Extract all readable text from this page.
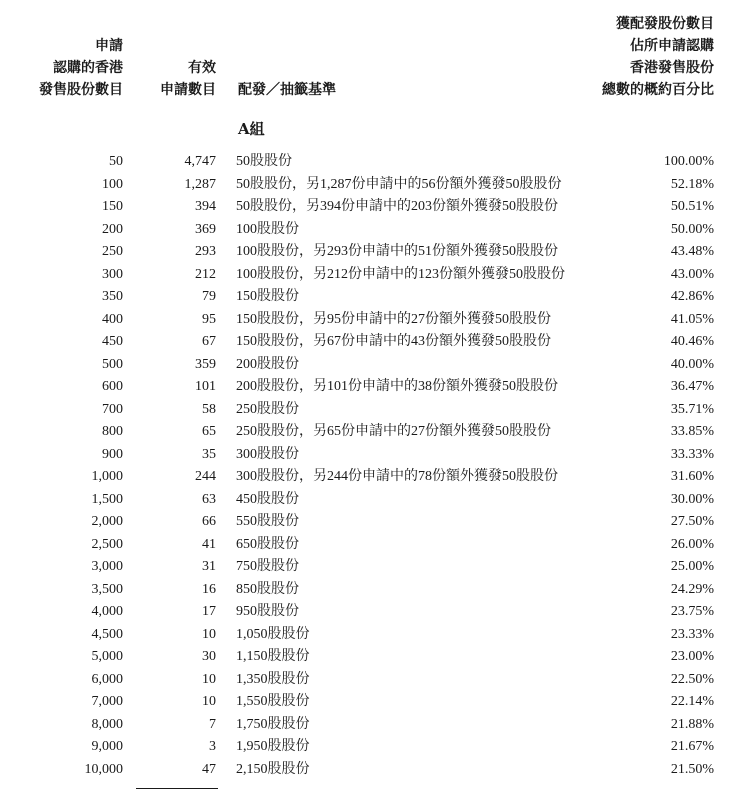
申請
認購的香港
發售股份數目
有效
申請數目 配發／抽籤基準
獲配發股份數目
佔所申請認購
香港發售股份
總數的概約百分比
A組
50	4,747 50股股份	100.00%
100	1,287 50股股份，另1,287份申請中的56份額外獲發50股股份	52.18%
150	394 50股股份，另394份申請中的203份額外獲發50股股份	50.51%
200	369 100股股份	50.00%
250	293 100股股份，另293份申請中的51份額外獲發50股股份	43.48%
300	212 100股股份，另212份申請中的123份額外獲發50股股份	43.00%
350	79 150股股份	42.86%
400	95 150股股份，另95份申請中的27份額外獲發50股股份	41.05%
450	67 150股股份，另67份申請中的43份額外獲發50股股份	40.46%
500	359 200股股份	40.00%
600	101 200股股份，另101份申請中的38份額外獲發50股股份	36.47%
700	58 250股股份	35.71%
800	65 250股股份，另65份申請中的27份額外獲發50股股份	33.85%
900	35 300股股份	33.33%
1,000	244 300股股份，另244份申請中的78份額外獲發50股股份	31.60%
1,500	63 450股股份	30.00%
2,000	66 550股股份	27.50%
2,500	41 650股股份	26.00%
3,000	31 750股股份	25.00%
3,500	16 850股股份	24.29%
4,000	17 950股股份	23.75%
4,500	10 1,050股股份	23.33%
5,000	30 1,150股股份	23.00%
6,000	10 1,350股股份	22.50%
7,000	10 1,550股股份	22.14%
8,000	7 1,750股股份	21.88%
9,000	3 1,950股股份	21.67%
10,000	47 2,150股股份	21.50%
